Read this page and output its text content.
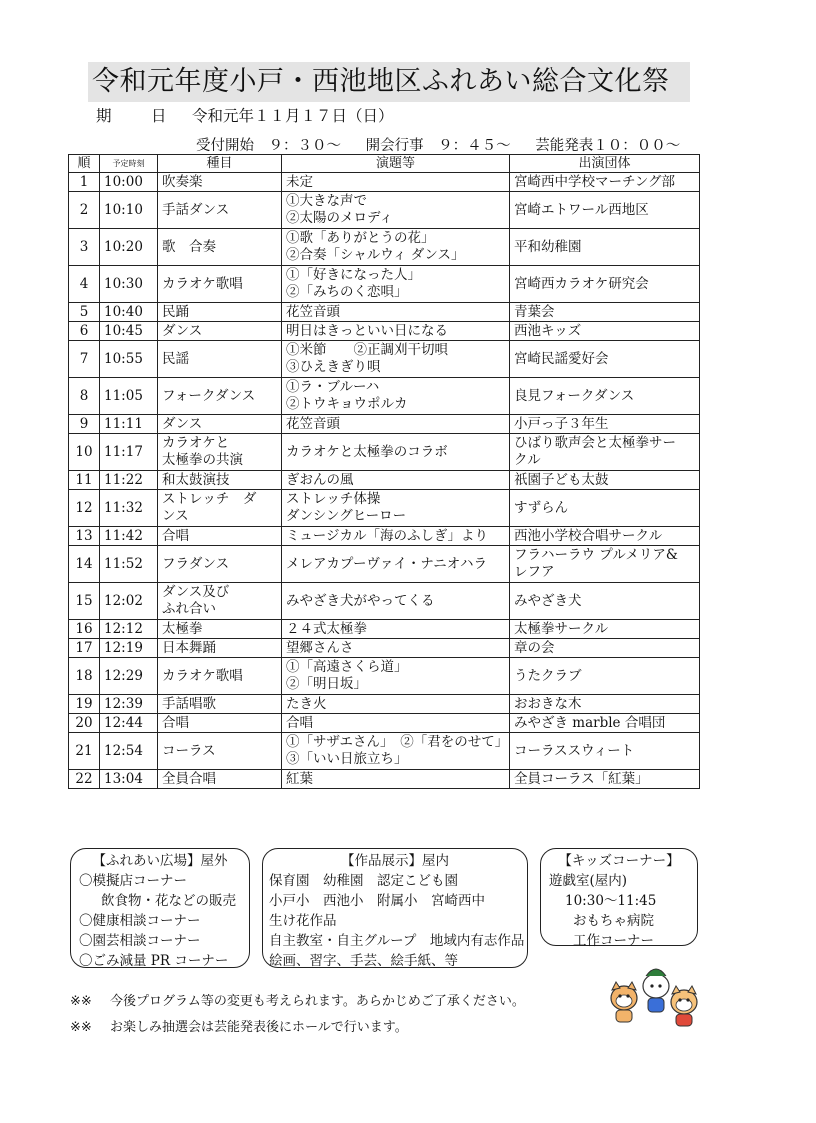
令和元年度小戸・西池地区ふれあい総合文化祭
期　日 令和元年１１月１７日（日）
受付開始　９：３０～ 開会行事　９：４５～ 芸能発表１０：００～
順	予定時刻	種目	演題等	出演団体
1	10:00	吹奏楽	未定	宮崎西中学校マーチング部

2	10:10	手話ダンス	①大きな声で
②太陽のメロディ	宮崎エトワール西地区

3	10:20	歌　合奏	①歌「ありがとうの花」
②合奏「シャルウィ ダンス」	平和幼稚園

4	10:30	カラオケ歌唱	①「好きになった人」
②「みちのく恋唄」	宮崎西カラオケ研究会

5	10:40	民踊	花笠音頭	青葉会

6	10:45	ダンス	明日はきっといい日になる	西池キッズ

7	10:55	民謡	①米節　　②正調刈干切唄
③ひえきぎり唄	宮崎民謡愛好会

8	11:05	フォークダンス	①ラ・ブルーハ
②トウキョウポルカ	良見フォークダンス

9	11:11	ダンス	花笠音頭	小戸っ子３年生

10	11:17	カラオケと
太極拳の共演	カラオケと太極拳のコラボ	ひばり歌声会と太極拳サー
クル

11	11:22	和太鼓演技	ぎおんの風	祇園子ども太鼓

12	11:32	ストレッチ　ダ
ンス	ストレッチ体操
ダンシングヒーロー	すずらん

13	11:42	合唱	ミュージカル「海のふしぎ」より	西池小学校合唱サークル

14	11:52	フラダンス	メレアカプーヴァイ・ナニオハラ	フラハーラウ プルメリア&
レフア

15	12:02	ダンス及び
ふれ合い	みやざき犬がやってくる	みやざき犬

16	12:12	太極拳	２４式太極拳	太極拳サークル

17	12:19	日本舞踊	望郷さんさ	章の会

18	12:29	カラオケ歌唱	①「高遠さくら道」
②「明日坂」	うたクラブ

19	12:39	手話唱歌	たき火	おおきな木

20	12:44	合唱	合唱	みやざき marble 合唱団

21	12:54	コーラス	①「サザエさん」　②「君をのせて」
③「いい日旅立ち」	コーラススウィート

22	13:04	全員合唱	紅葉	全員コーラス「紅葉」
【ふれあい広場】屋外
〇模擬店コーナー
飲食物・花などの販売
〇健康相談コーナー
〇園芸相談コーナー
〇ごみ減量 PR コーナー
【作品展示】屋内
保育園　幼稚園　認定こども園
小戸小　西池小　附属小　宮崎西中
生け花作品
自主教室・自主グループ　地域内有志作品
絵画、習字、手芸、絵手紙、等
【キッズコーナー】
遊戯室(屋内)
10:30～11:45
おもちゃ病院
工作コーナー
※※ 今後プログラム等の変更も考えられます。あらかじめご了承ください。
※※ お楽しみ抽選会は芸能発表後にホールで行います。
